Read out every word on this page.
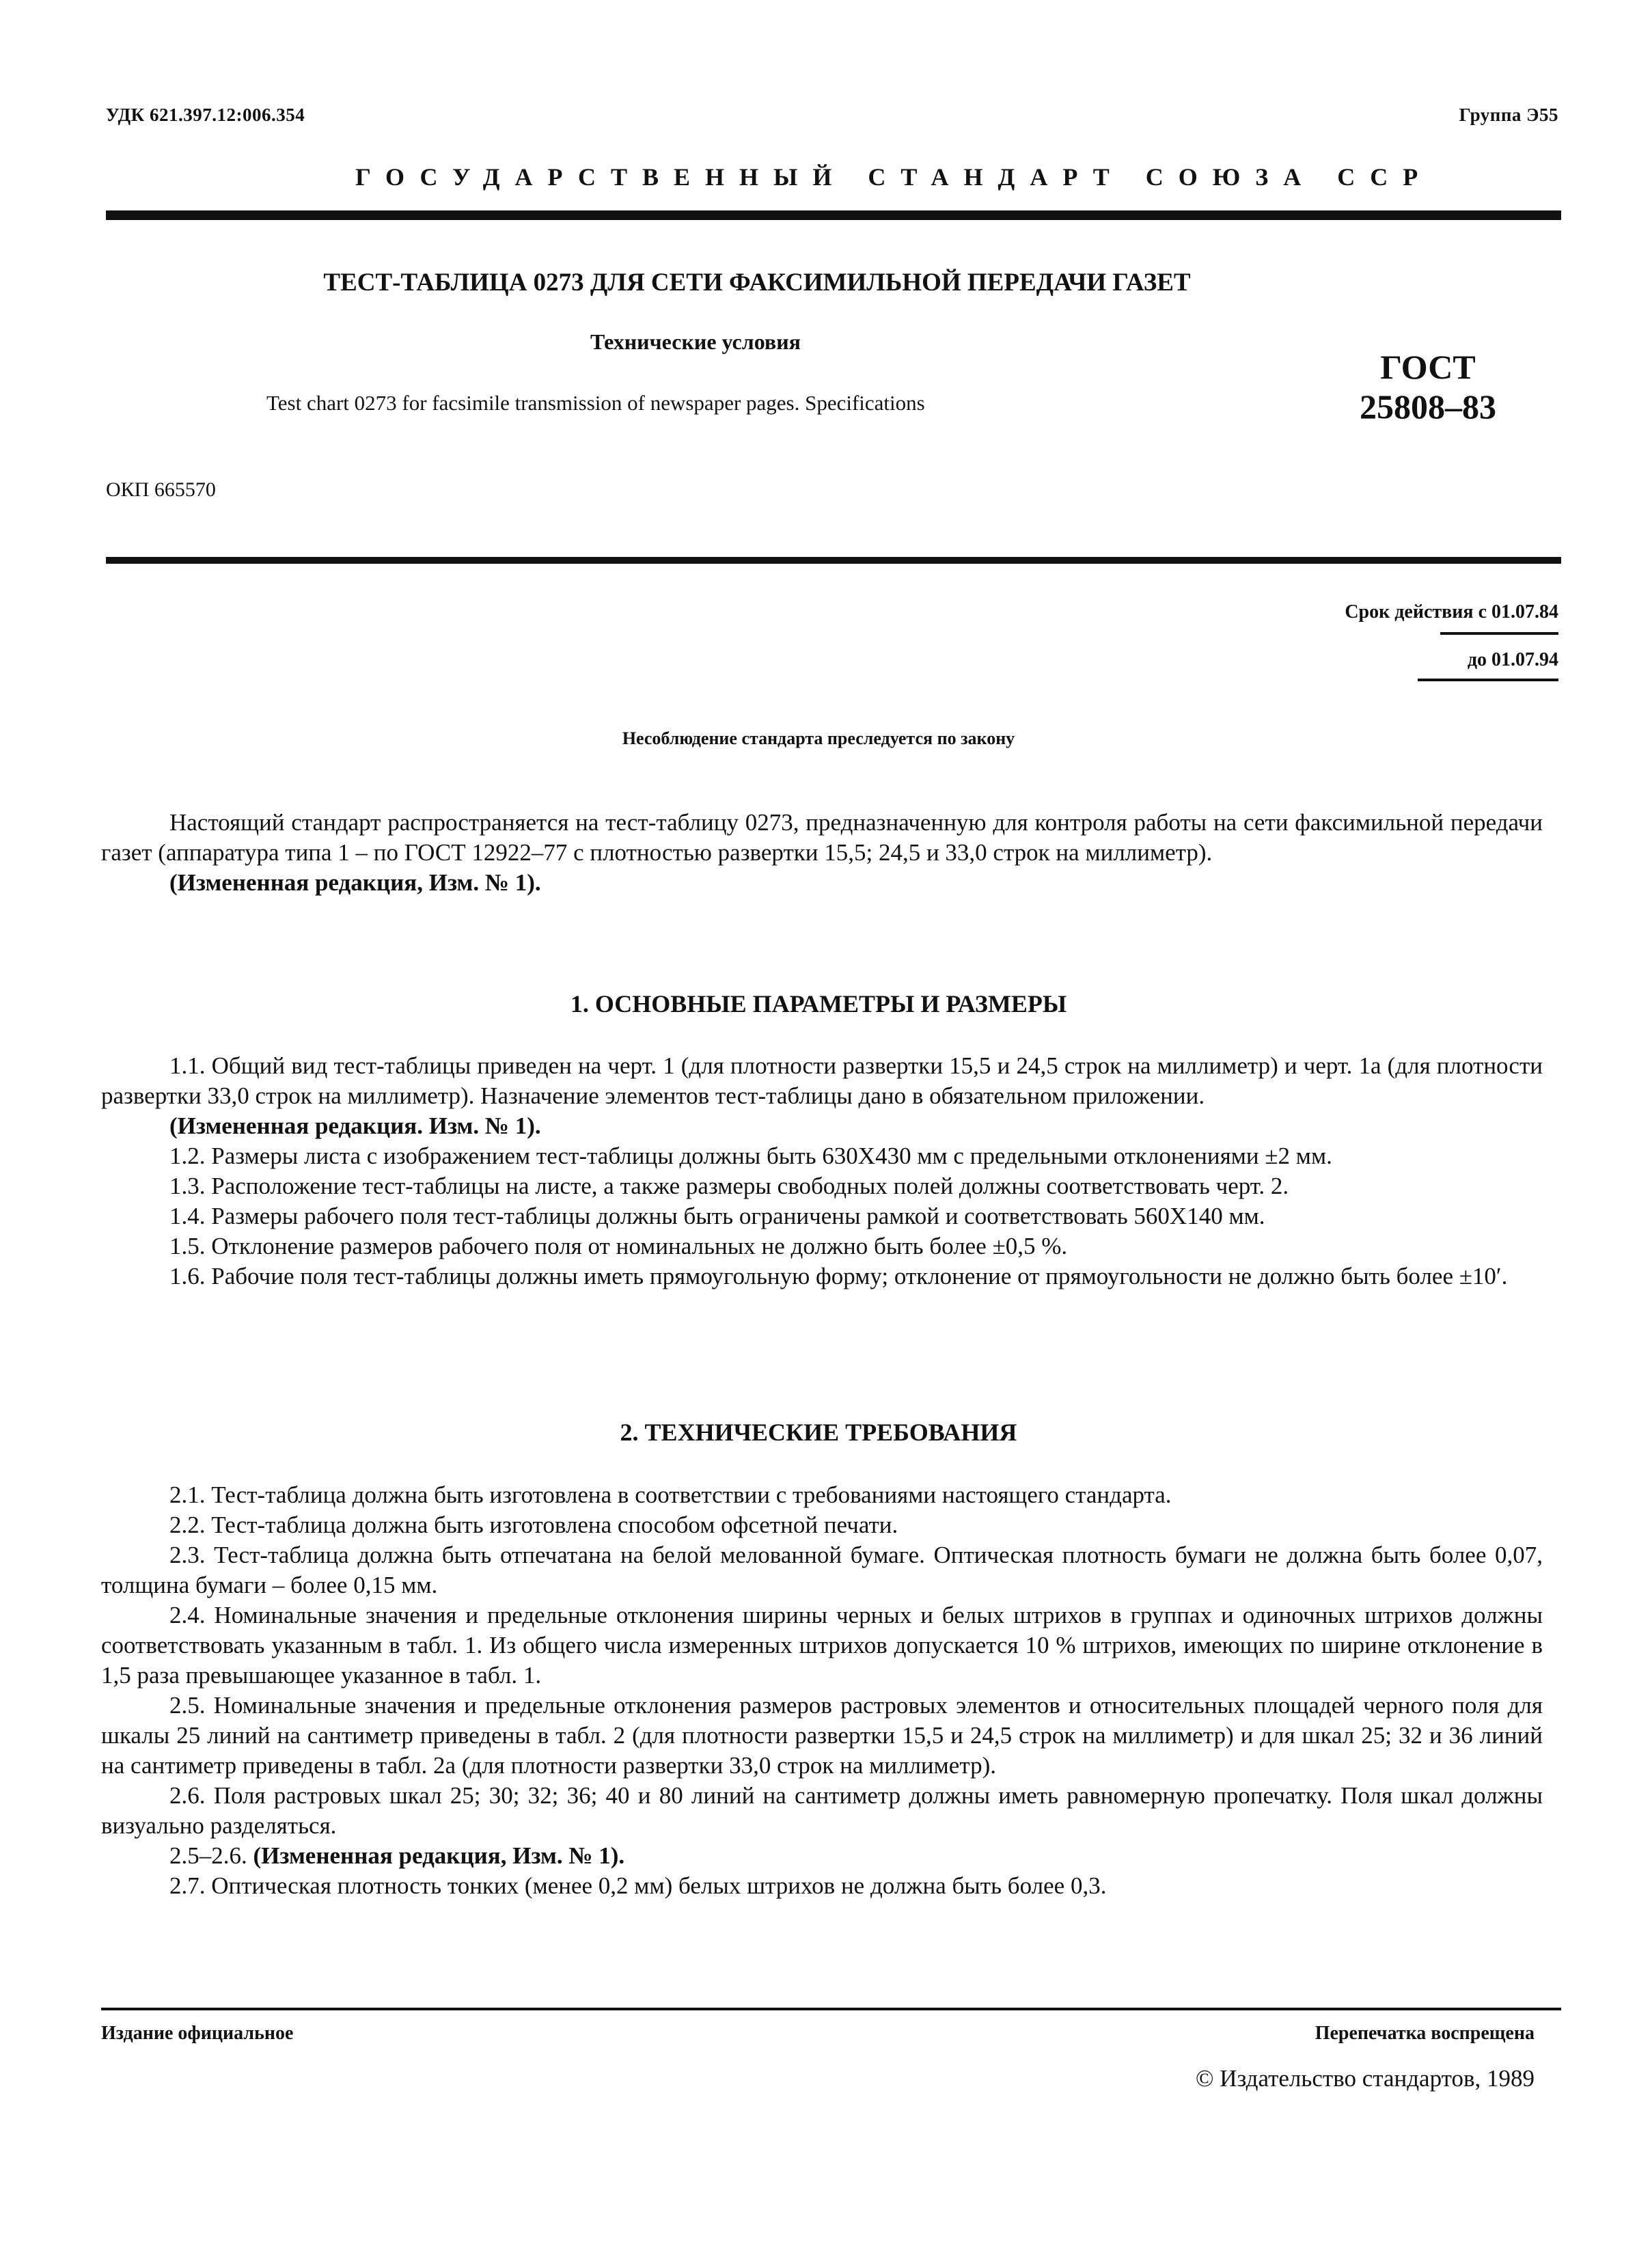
УДК 621.397.12:006.354	Группа Э55
ГОСУДАРСТВЕННЫЙ СТАНДАРТ СОЮЗА ССР
ТЕСТ-ТАБЛИЦА 0273 ДЛЯ СЕТИ ФАКСИМИЛЬНОЙ ПЕРЕДАЧИ ГАЗЕТ
Технические условия
Test chart 0273 for facsimile transmission of newspaper pages. Specifications
ГОСТ
25808–83
ОКП 665570
Срок действия с 01.07.84
до 01.07.94
Несоблюдение стандарта преследуется по закону

Настоящий стандарт распространяется на тест-таблицу 0273, предназначенную для контроля работы на сети факсимильной передачи газет (аппаратура типа 1 – по ГОСТ 12922–77 с плотностью развертки 15,5; 24,5 и 33,0 строк на миллиметр).

(Измененная редакция, Изм. № 1).

1. ОСНОВНЫЕ ПАРАМЕТРЫ И РАЗМЕРЫ

1.1. Общий вид тест-таблицы приведен на черт. 1 (для плотности развертки 15,5 и 24,5 строк на миллиметр) и черт. 1а (для плотности развертки 33,0 строк на миллиметр). Назначение элементов тест-таблицы дано в обязательном приложении.

(Измененная редакция. Изм. № 1).

1.2. Размеры листа с изображением тест-таблицы должны быть 630Х430 мм с предельными отклонениями ±2 мм.

1.3. Расположение тест-таблицы на листе, а также размеры свободных полей должны соответствовать черт. 2.

1.4. Размеры рабочего поля тест-таблицы должны быть ограничены рамкой и соответствовать 560Х140 мм.

1.5. Отклонение размеров рабочего поля от номинальных не должно быть более ±0,5 %.

1.6. Рабочие поля тест-таблицы должны иметь прямоугольную форму; отклонение от прямоугольности не должно быть более ±10′.

2. ТЕХНИЧЕСКИЕ ТРЕБОВАНИЯ

2.1. Тест-таблица должна быть изготовлена в соответствии с требованиями настоящего стандарта.

2.2. Тест-таблица должна быть изготовлена способом офсетной печати.

2.3. Тест-таблица должна быть отпечатана на белой мелованной бумаге. Оптическая плотность бумаги не должна быть более 0,07, толщина бумаги – более 0,15 мм.

2.4. Номинальные значения и предельные отклонения ширины черных и белых штрихов в группах и одиночных штрихов должны соответствовать указанным в табл. 1. Из общего числа измеренных штрихов допускается 10 % штрихов, имеющих по ширине отклонение в 1,5 раза превышающее указанное в табл. 1.

2.5. Номинальные значения и предельные отклонения размеров растровых элементов и относительных площадей черного поля для шкалы 25 линий на сантиметр приведены в табл. 2 (для плотности развертки 15,5 и 24,5 строк на миллиметр) и для шкал 25; 32 и 36 линий на сантиметр приведены в табл. 2а (для плотности развертки 33,0 строк на миллиметр).

2.6. Поля растровых шкал 25; 30; 32; 36; 40 и 80 линий на сантиметр должны иметь равномерную пропечатку. Поля шкал должны визуально разделяться.

2.5–2.6. (Измененная редакция, Изм. № 1).

2.7. Оптическая плотность тонких (менее 0,2 мм) белых штрихов не должна быть более 0,3.

Издание официальное	Перепечатка воспрещена
© Издательство стандартов, 1989
